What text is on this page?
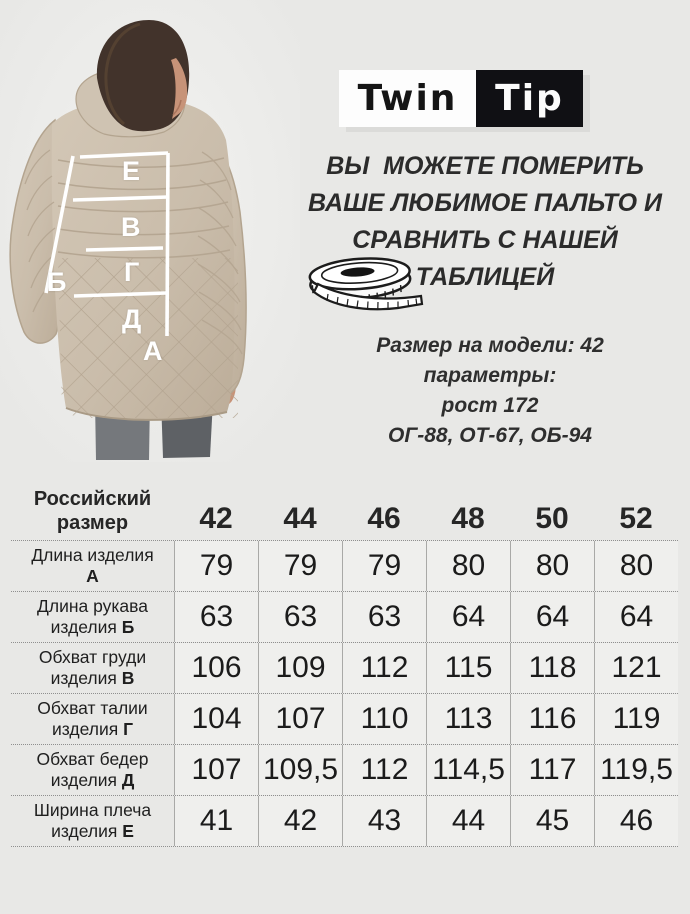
Е
В
Б Г
Д
А
Twin	Tip
ВЫ  МОЖЕТЕ ПОМЕРИТЬ
ВАШЕ ЛЮБИМОЕ ПАЛЬТО И
СРАВНИТЬ С НАШЕЙ
ТАБЛИЦЕЙ
Размер на модели: 42
параметры:
рост 172
ОГ-88, ОТ-67, ОБ-94
Российский
размер	42	44	46	48	50	52
Длина изделия
А	79	79	79	80	80	80
Длина рукава
изделия Б	63	63	63	64	64	64
Обхват груди
изделия В	106	109	112	115	118	121
Обхват талии
изделия Г	104	107	110	113	116	119
Обхват бедер
изделия Д	107 109,5 112 114,5 117 119,5
Ширина плеча
изделия Е	41	42	43	44	45	46
